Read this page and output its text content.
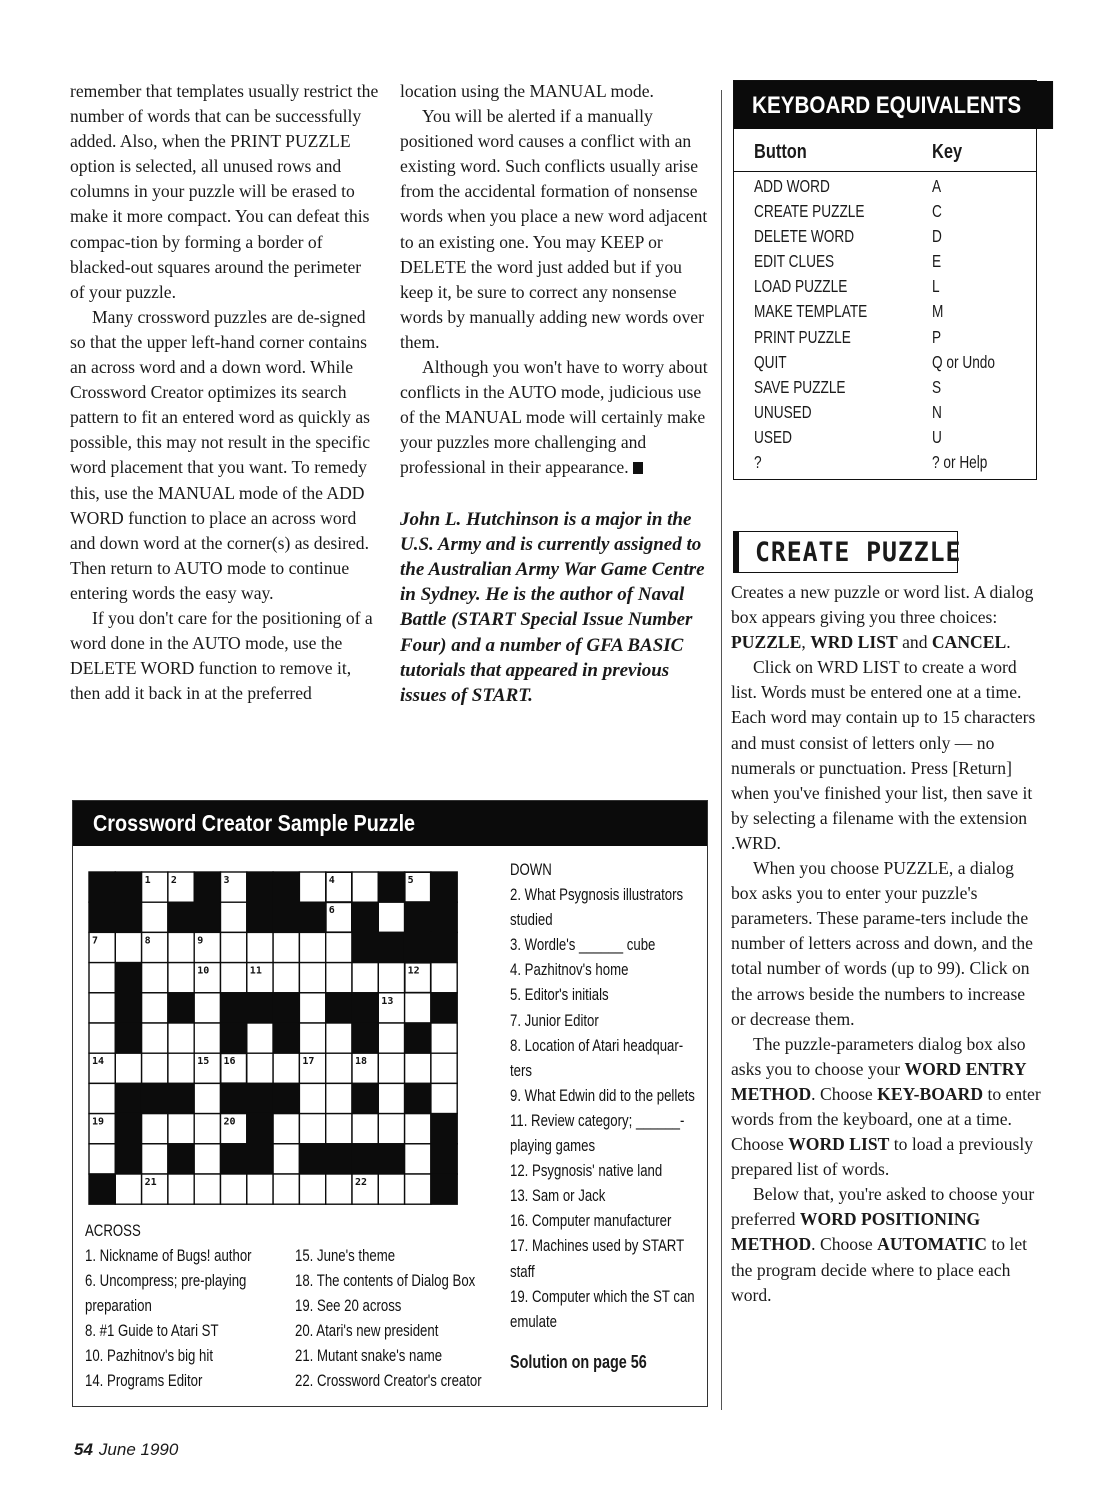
remember that templates usually restrict the number of words that can be successfully added. Also, when the PRINT PUZZLE option is selected, all unused rows and columns in your puzzle will be erased to make it more compact. You can defeat this compac-tion by forming a border of blacked-out squares around the perimeter of your puzzle.

Many crossword puzzles are de-signed so that the upper left-hand corner contains an across word and a down word. While Crossword Creator optimizes its search pattern to fit an entered word as quickly as possible, this may not result in the specific word placement that you want. To remedy this, use the MANUAL mode of the ADD WORD function to place an across word and down word at the corner(s) as desired. Then return to AUTO mode to continue entering words the easy way.

If you don't care for the positioning of a word done in the AUTO mode, use the DELETE WORD function to remove it, then add it back in at the preferred

location using the MANUAL mode.

You will be alerted if a manually positioned word causes a conflict with an existing word. Such conflicts usually arise from the accidental formation of nonsense words when you place a new word adjacent to an existing one. You may KEEP or DELETE the word just added but if you keep it, be sure to correct any nonsense words by manually adding new words over them.

Although you won't have to worry about conflicts in the AUTO mode, judicious use of the MANUAL mode will certainly make your puzzles more challenging and professional in their appearance.

John L. Hutchinson is a major in the U.S. Army and is currently assigned to the Australian Army War Game Centre in Sydney. He is the author of Naval Battle (START Special Issue Number Four) and a number of GFA BASIC tutorials that appeared in previous issues of START.

KEYBOARD EQUIVALENTS
Button	Key
ADD WORD	A
CREATE PUZZLE	C
DELETE WORD	D
EDIT CLUES	E
LOAD PUZZLE	L
MAKE TEMPLATE	M
PRINT PUZZLE	P
QUIT	Q or Undo
SAVE PUZZLE	S
UNUSED	N
USED	U
?	? or Help
CREATE PUZZLE

Creates a new puzzle or word list. A dialog box appears giving you three choices: PUZZLE, WRD LIST and CANCEL.

Click on WRD LIST to create a word list. Words must be entered one at a time. Each word may contain up to 15 characters and must consist of letters only — no numerals or punctuation. Press [Return] when you've finished your list, then save it by selecting a filename with the extension .WRD.

When you choose PUZZLE, a dialog box asks you to enter your puzzle's parameters. These parame-ters include the number of letters across and down, and the total number of words (up to 99). Click on the arrows beside the numbers to increase or decrease them.

The puzzle-parameters dialog box also asks you to choose your WORD ENTRY METHOD. Choose KEY-BOARD to enter words from the keyboard, one at a time. Choose WORD LIST to load a previously prepared list of words.

Below that, you're asked to choose your preferred WORD POSITIONING METHOD. Choose AUTOMATIC to let the program decide where to place each word.

Crossword Creator Sample Puzzle
1 2	3	4	5
6
7	8	9
10	11	12
13
14	15 16	17	18
19	20
21	22
ACROSS
1. Nickname of Bugs! author
6. Uncompress; pre-playing
preparation
8. #1 Guide to Atari ST
10. Pazhitnov's big hit
14. Programs Editor
15. June's theme
18. The contents of Dialog Box
19. See 20 across
20. Atari's new president
21. Mutant snake's name
22. Crossword Creator's creator
DOWN
2. What Psygnosis illustrators
studied
3. Wordle's ______ cube
4. Pazhitnov's home
5. Editor's initials
7. Junior Editor
8. Location of Atari headquar-
ters
9. What Edwin did to the pellets
11. Review category; ______-
playing games
12. Psygnosis' native land
13. Sam or Jack
16. Computer manufacturer
17. Machines used by START
staff
19. Computer which the ST can
emulate
Solution on page 56
54 June 1990
